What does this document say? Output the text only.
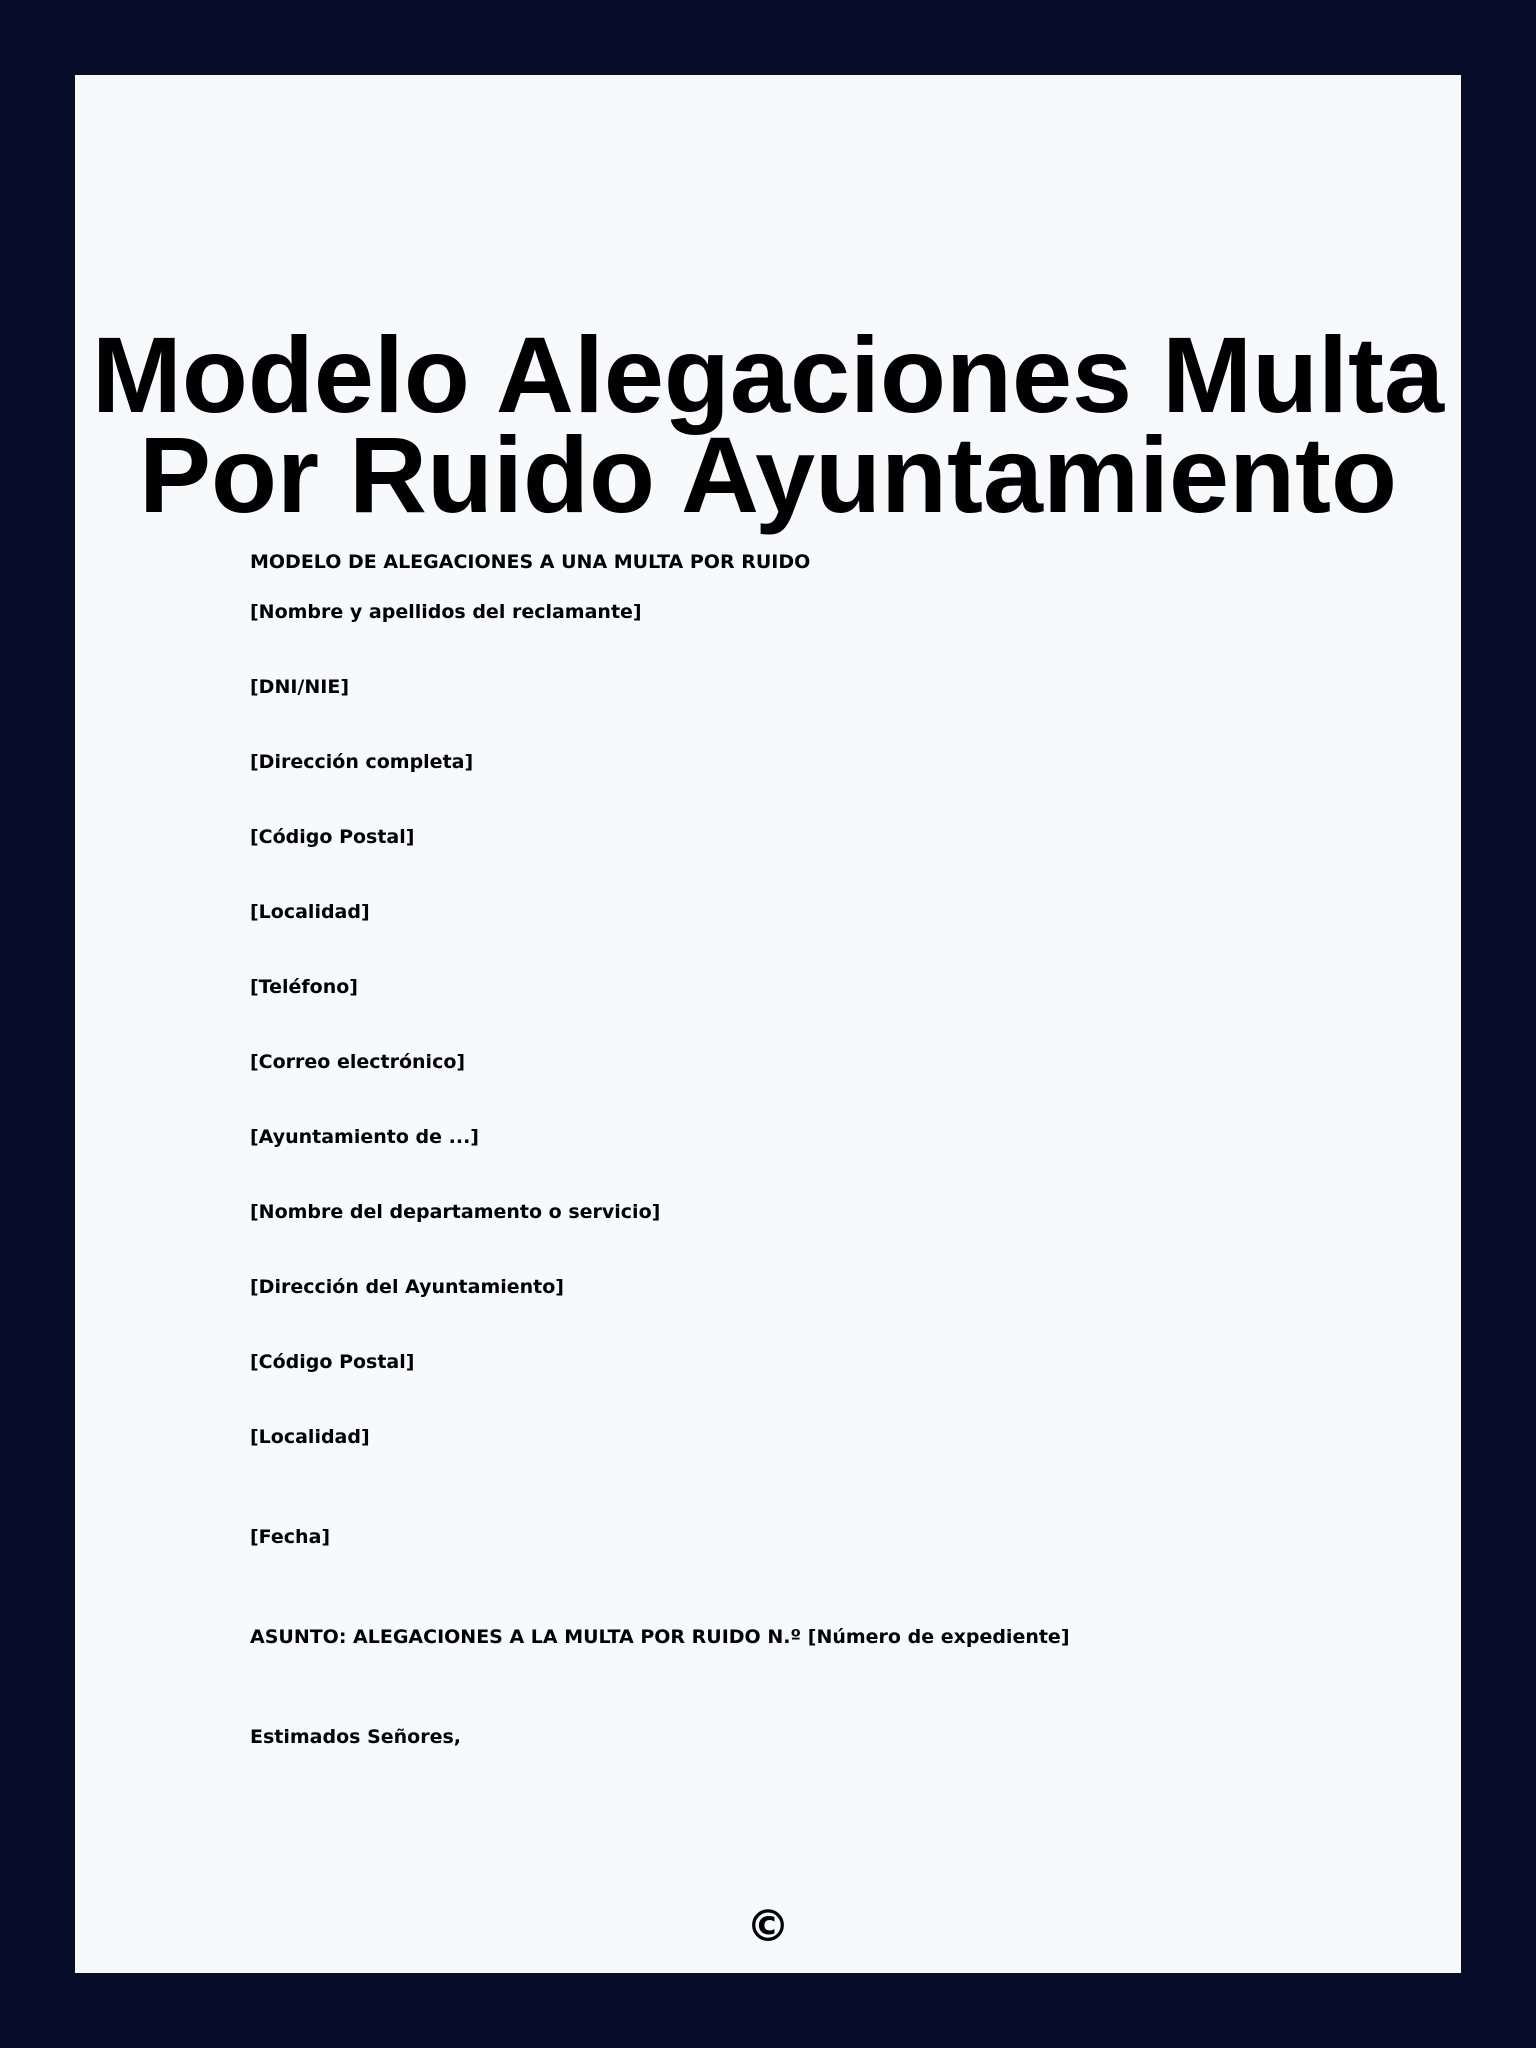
Modelo Alegaciones Multa Por Ruido Ayuntamiento

MODELO DE ALEGACIONES A UNA MULTA POR RUIDO

[Nombre y apellidos del reclamante]

[DNI/NIE]

[Dirección completa]

[Código Postal]

[Localidad]

[Teléfono]

[Correo electrónico]

[Ayuntamiento de ...]

[Nombre del departamento o servicio]

[Dirección del Ayuntamiento]

[Código Postal]

[Localidad]

[Fecha]

ASUNTO: ALEGACIONES A LA MULTA POR RUIDO N.º [Número de expediente]

Estimados Señores,

©
